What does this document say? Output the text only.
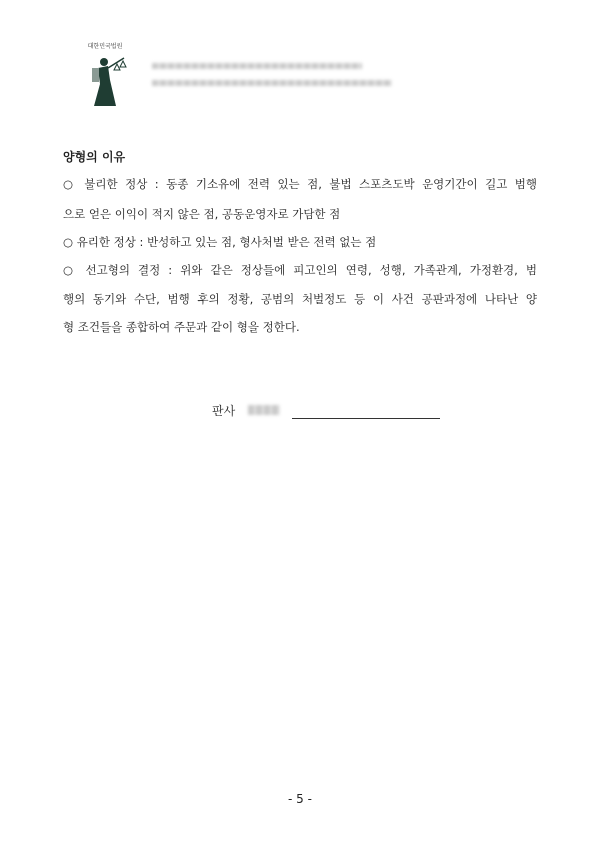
대한민국법원
양형의 이유
○ 불리한 정상 : 동종 기소유에 전력 있는 점, 불법 스포츠도박 운영기간이 길고 범행
으로 얻은 이익이 적지 않은 점, 공동운영자로 가담한 점
○ 유리한 정상 : 반성하고 있는 점, 형사처벌 받은 전력 없는 점
○ 선고형의 결정 : 위와 같은 정상들에 피고인의 연령, 성행, 가족관계, 가정환경, 범
행의 동기와 수단, 범행 후의 정황, 공범의 처벌정도 등 이 사건 공판과정에 나타난 양
형 조건들을 종합하여 주문과 같이 형을 정한다.
판사
- 5 -
